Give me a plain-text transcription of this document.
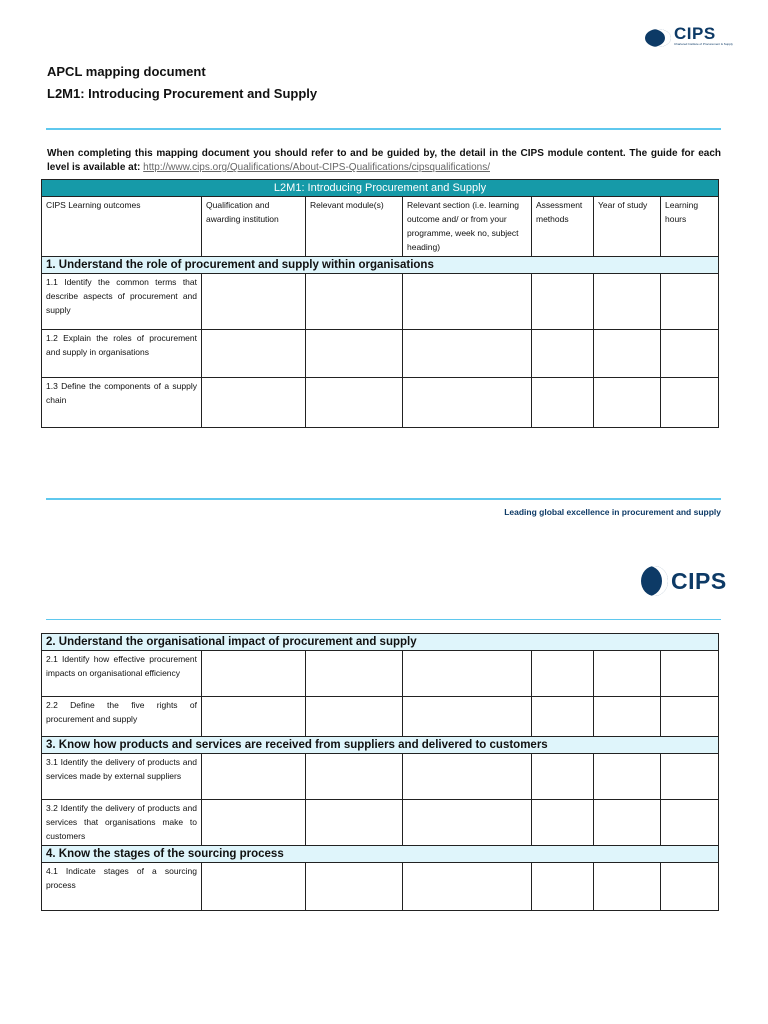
CIPS
Chartered Institute of Procurement & Supply
APCL mapping document
L2M1: Introducing Procurement and Supply
When completing this mapping document you should refer to and be guided by, the detail in the CIPS module content. The guide for each level is available at: http://www.cips.org/Qualifications/About-CIPS-Qualifications/cipsqualifications/
L2M1: Introducing Procurement and Supply						
CIPS Learning outcomes	Qualification and awarding institution	Relevant module(s)	Relevant section (i.e. learning outcome and/ or from your programme, week no, subject heading)	Assessment methods	Year of study	Learning hours
1. Understand the role of procurement and supply within organisations						
1.1 Identify the common terms that describe aspects of procurement and supply						
1.2 Explain the roles of procurement and supply in organisations						
1.3 Define the components of a supply chain						
Leading global excellence in procurement and supply
CIPS
2. Understand the organisational impact of procurement and supply						
2.1 Identify how effective procurement impacts on organisational efficiency						
2.2 Define the five rights of procurement and supply						
3. Know how products and services are received from suppliers and delivered to customers						
3.1 Identify the delivery of products and services made by external suppliers						
3.2 Identify the delivery of products and services that organisations make to customers						
4. Know the stages of the sourcing process						
4.1 Indicate stages of a sourcing process						
